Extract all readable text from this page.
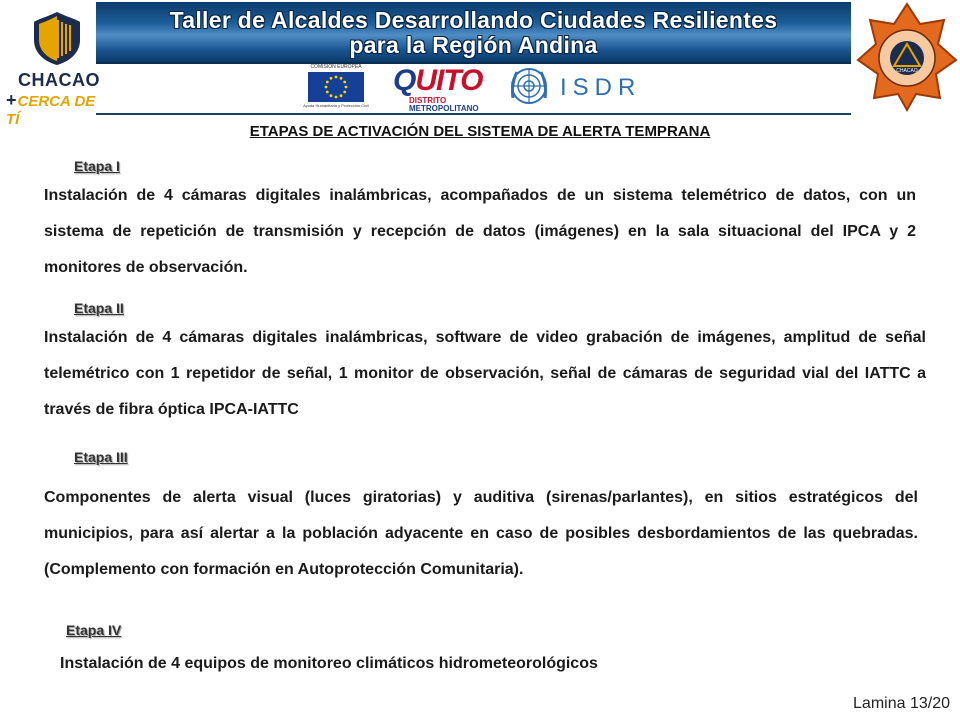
CHACAO
+CERCA DE TÍ
Taller de Alcaldes Desarrollando Ciudades Resilientes
para la Región Andina
COMISIÓN EUROPEA
Ayuda Humanitaria y Protección Civil
QUITO
DISTRITO
METROPOLITANO
ISDR
CHACAO
ETAPAS DE ACTIVACIÓN DEL SISTEMA DE ALERTA TEMPRANA
Etapa I
Instalación de 4 cámaras digitales inalámbricas, acompañados de un sistema telemétrico de datos, con un sistema de repetición de transmisión y recepción de datos (imágenes) en la sala situacional del IPCA y 2 monitores de observación.
Etapa II
Instalación de 4 cámaras digitales inalámbricas, software de video grabación de imágenes, amplitud de señal telemétrico con 1 repetidor de señal, 1 monitor de observación, señal de cámaras de seguridad vial del IATTC a través de fibra óptica IPCA-IATTC
Etapa III
Componentes de alerta visual (luces giratorias) y auditiva (sirenas/parlantes), en sitios estratégicos del municipios, para así alertar a la población adyacente en caso de posibles desbordamientos de las quebradas. (Complemento con formación en Autoprotección Comunitaria).
Etapa IV
Instalación de 4 equipos de monitoreo climáticos hidrometeorológicos
Lamina 13/20
